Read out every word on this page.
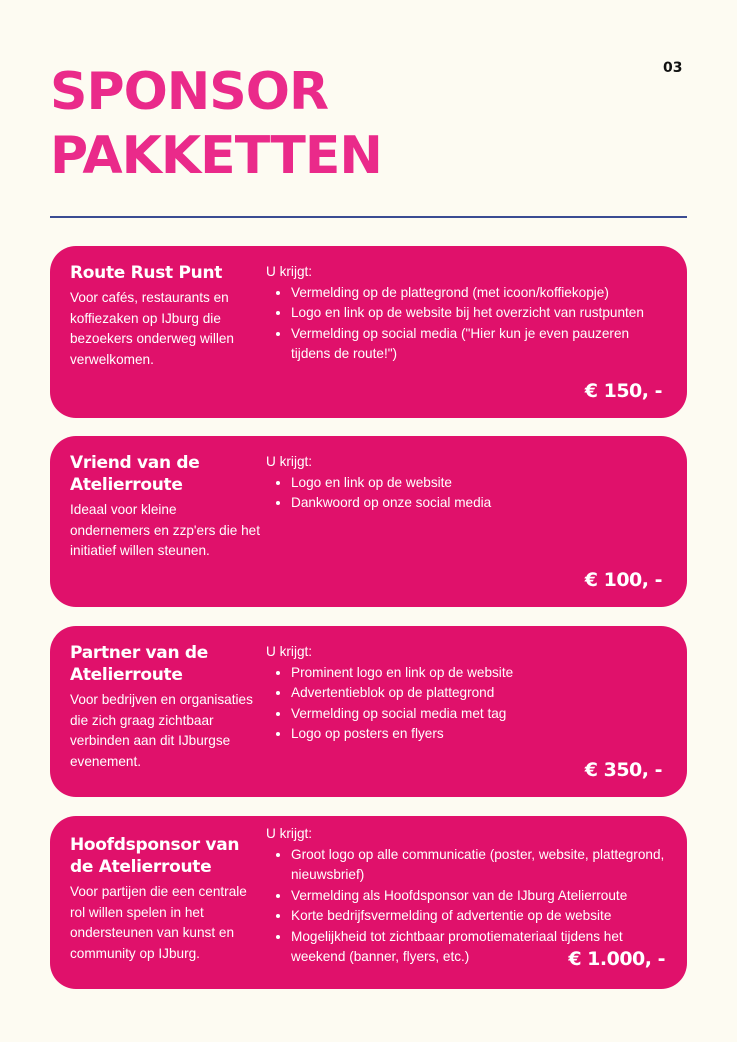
03
SPONSOR
PAKKETTEN
Route Rust Punt

Voor cafés, restaurants en koffiezaken op IJburg die bezoekers onderweg willen verwelkomen.

U krijgt:
• Vermelding op de plattegrond (met icoon/koffiekopje)
• Logo en link op de website bij het overzicht van rustpunten
• Vermelding op social media ("Hier kun je even pauzeren tijdens de route!")
€ 150, -
Vriend van de Atelierroute

Ideaal voor kleine ondernemers en zzp'ers die het initiatief willen steunen.

U krijgt:
• Logo en link op de website
• Dankwoord op onze social media
€ 100, -
Partner van de Atelierroute

Voor bedrijven en organisaties die zich graag zichtbaar verbinden aan dit IJburgse evenement.

U krijgt:
• Prominent logo en link op de website
• Advertentieblok op de plattegrond
• Vermelding op social media met tag
• Logo op posters en flyers
€ 350, -
Hoofdsponsor van de Atelierroute

Voor partijen die een centrale rol willen spelen in het ondersteunen van kunst en community op IJburg.

U krijgt:
• Groot logo op alle communicatie (poster, website, plattegrond, nieuwsbrief)
• Vermelding als Hoofdsponsor van de IJburg Atelierroute
• Korte bedrijfsvermelding of advertentie op de website
• Mogelijkheid tot zichtbaar promotiemateriaal tijdens het weekend (banner, flyers, etc.)	€ 1.000, -
